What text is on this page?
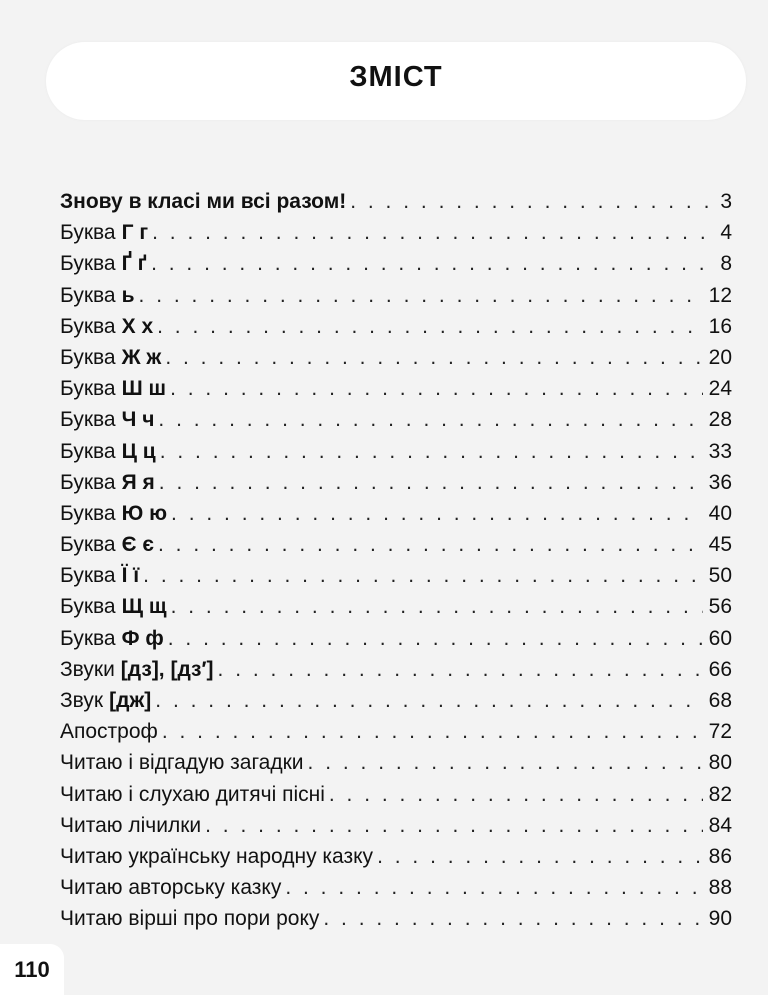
ЗМІСТ
Знову в класі ми всі разом! . . .	3
Буква Г г . . .	4
Буква Ґ ґ . . .	8
Буква ь . . .	12
Буква Х х . . .	16
Буква Ж ж . . .	20
Буква Ш ш . . .	24
Буква Ч ч . . .	28
Буква Ц ц . . .	33
Буква Я я . . .	36
Буква Ю ю . . .	40
Буква Є є . . .	45
Буква Ї ї . . .	50
Буква Щ щ . . .	56
Буква Ф ф . . .	60
Звуки [дз], [дз′] . . .	66
Звук [дж] . . .	68
Апостроф . . .	72
Читаю і відгадую загадки . . .	80
Читаю і слухаю дитячі пісні . . .	82
Читаю лічилки . . .	84
Читаю українську народну казку . . .	86
Читаю авторську казку . . .	88
Читаю вірші про пори року . . .	90
110
